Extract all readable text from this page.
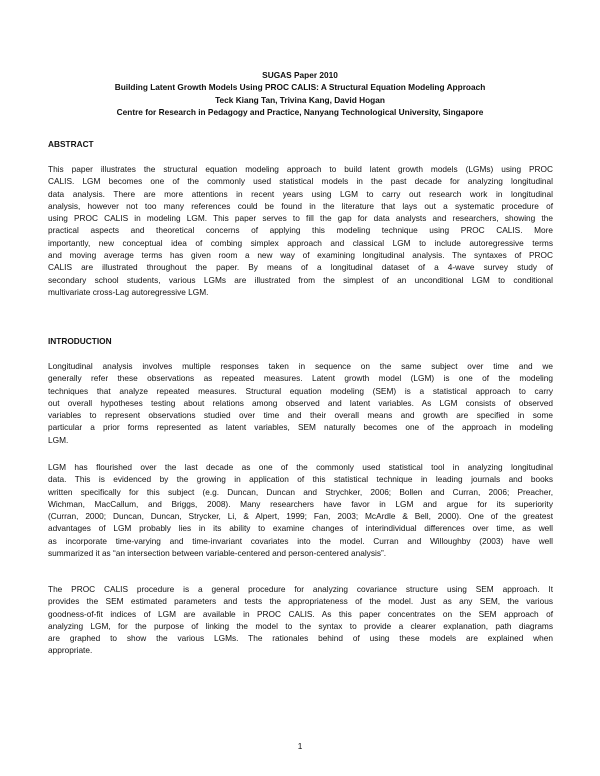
SUGAS Paper 2010
Building Latent Growth Models Using PROC CALIS: A Structural Equation Modeling Approach
Teck Kiang Tan, Trivina Kang, David Hogan
Centre for Research in Pedagogy and Practice, Nanyang Technological University, Singapore
ABSTRACT
This paper illustrates the structural equation modeling approach to build latent growth models (LGMs) using PROC
CALIS. LGM becomes one of the commonly used statistical models in the past decade for analyzing longitudinal
data analysis. There are more attentions in recent years using LGM to carry out research work in longitudinal
analysis, however not too many references could be found in the literature that lays out a systematic procedure of
using PROC CALIS in modeling LGM. This paper serves to fill the gap for data analysts and researchers, showing the
practical aspects and theoretical concerns of applying this modeling technique using PROC CALIS. More
importantly, new conceptual idea of combing simplex approach and classical LGM to include autoregressive terms
and moving average terms has given room a new way of examining longitudinal analysis. The syntaxes of PROC
CALIS are illustrated throughout the paper. By means of a longitudinal dataset of a 4-wave survey study of
secondary school students, various LGMs are illustrated from the simplest of an unconditional LGM to conditional
multivariate cross-Lag autoregressive LGM.
INTRODUCTION
Longitudinal analysis involves multiple responses taken in sequence on the same subject over time and we
generally refer these observations as repeated measures. Latent growth model (LGM) is one of the modeling
techniques that analyze repeated measures. Structural equation modeling (SEM) is a statistical approach to carry
out overall hypotheses testing about relations among observed and latent variables. As LGM consists of observed
variables to represent observations studied over time and their overall means and growth are specified in some
particular a prior forms represented as latent variables, SEM naturally becomes one of the approach in modeling
LGM.
LGM has flourished over the last decade as one of the commonly used statistical tool in analyzing longitudinal
data. This is evidenced by the growing in application of this statistical technique in leading journals and books
written specifically for this subject (e.g. Duncan, Duncan and Strychker, 2006; Bollen and Curran, 2006; Preacher,
Wichman, MacCallum, and Briggs, 2008). Many researchers have favor in LGM and argue for its superiority
(Curran, 2000; Duncan, Duncan, Strycker, Li, & Alpert, 1999; Fan, 2003; McArdle & Bell, 2000). One of the greatest
advantages of LGM probably lies in its ability to examine changes of interindividual differences over time, as well
as incorporate time-varying and time-invariant covariates into the model. Curran and Willoughby (2003) have well
summarized it as “an intersection between variable-centered and person-centered analysis”.
The PROC CALIS procedure is a general procedure for analyzing covariance structure using SEM approach. It
provides the SEM estimated parameters and tests the appropriateness of the model. Just as any SEM, the various
goodness-of-fit indices of LGM are available in PROC CALIS. As this paper concentrates on the SEM approach of
analyzing LGM, for the purpose of linking the model to the syntax to provide a clearer explanation, path diagrams
are graphed to show the various LGMs. The rationales behind of using these models are explained when
appropriate.
1
